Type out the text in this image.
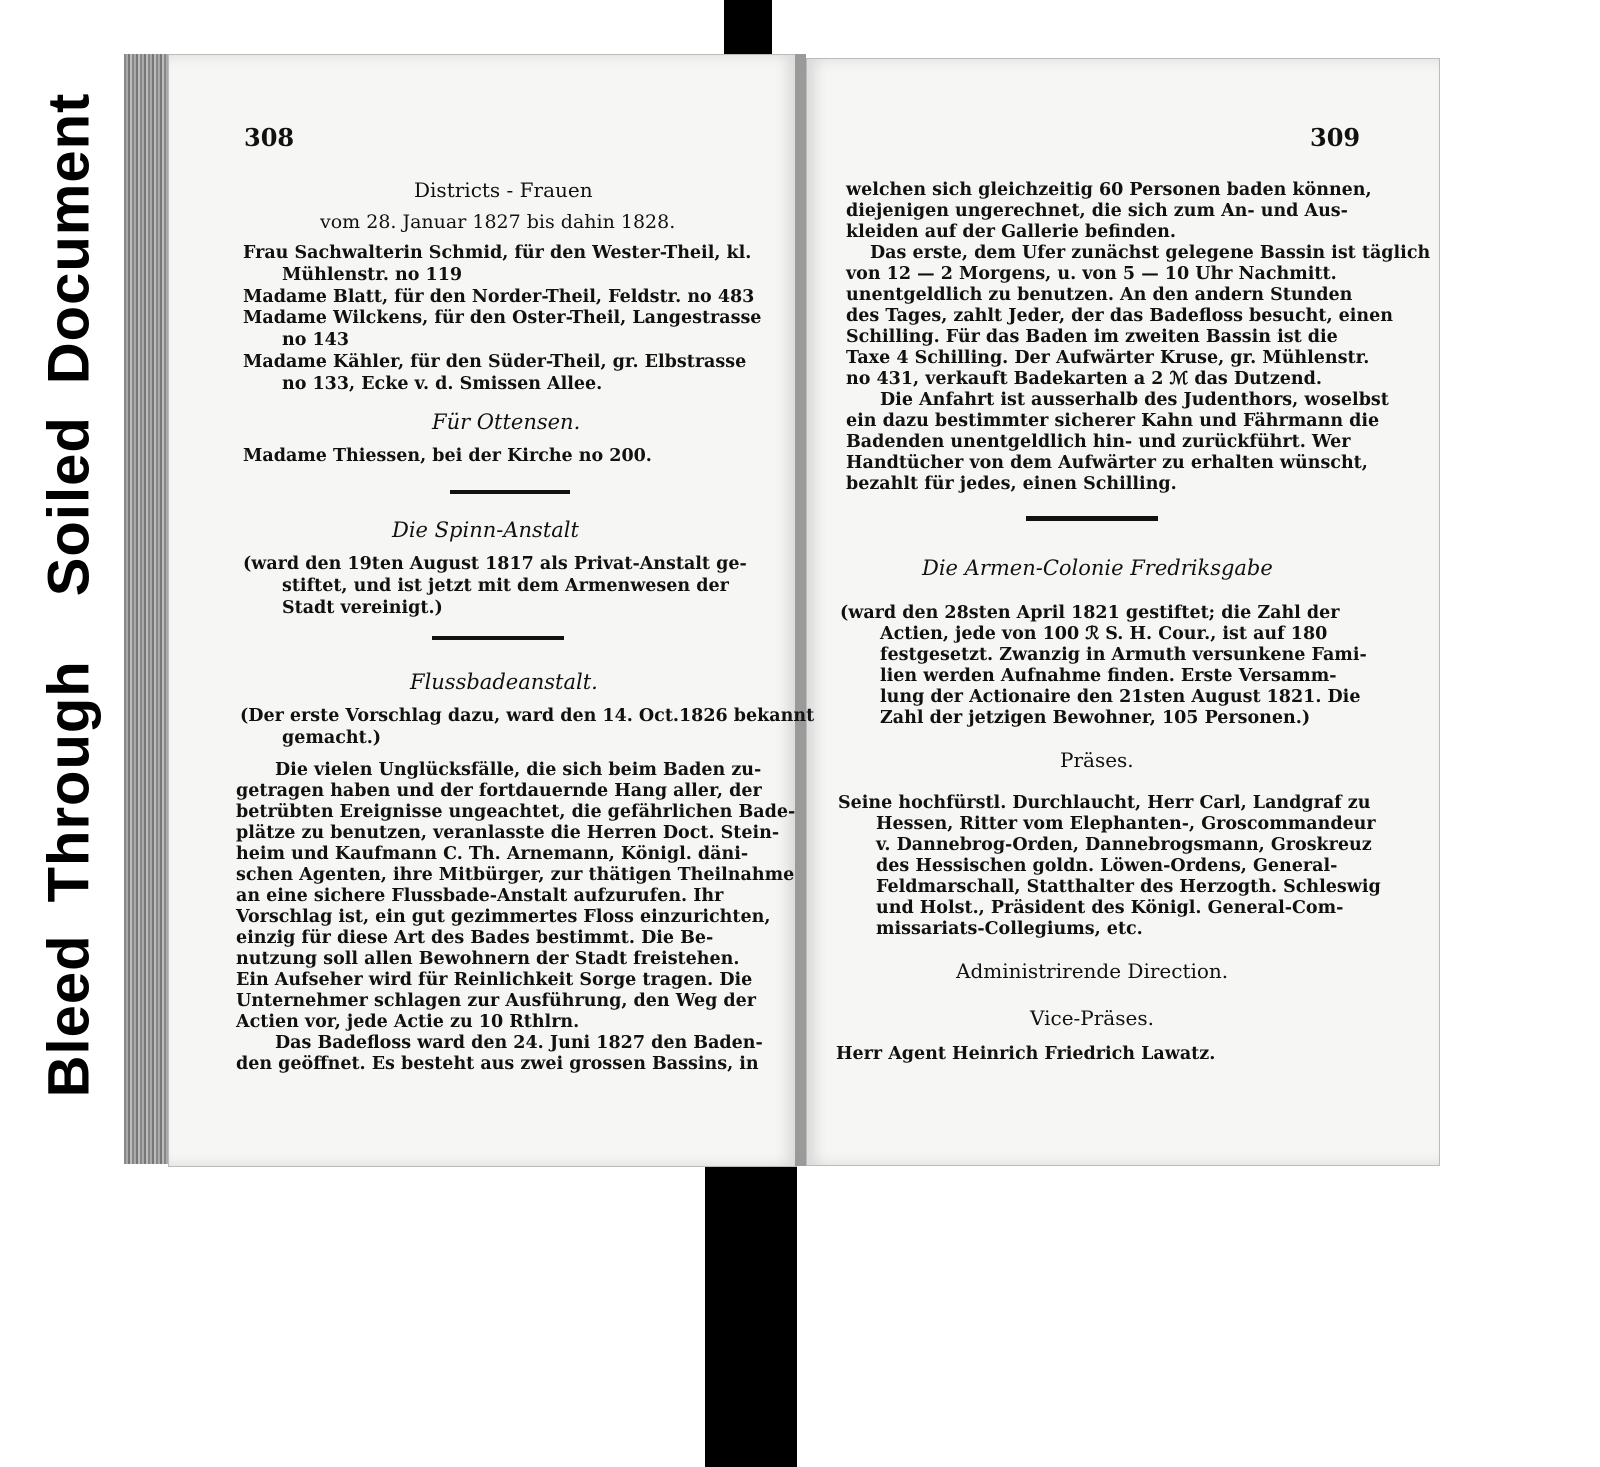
BleedThroughSoiledDocument	308
Districts - Frauen
vom 28. Januar 1827 bis dahin 1828.
Frau Sachwalterin Schmid, für den Wester-Theil, kl.
Mühlenstr. no 119
Madame Blatt, für den Norder-Theil, Feldstr. no 483
Madame Wilckens, für den Oster-Theil, Langestrasse
no 143
Madame Kähler, für den Süder-Theil, gr. Elbstrasse
no 133, Ecke v. d. Smissen Allee.
Für Ottensen.
Madame Thiessen, bei der Kirche no 200.
Die Spinn-Anstalt
(ward den 19ten August 1817 als Privat-Anstalt ge-
stiftet, und ist jetzt mit dem Armenwesen der
Stadt vereinigt.)
Flussbadeanstalt.
(Der erste Vorschlag dazu, ward den 14. Oct.1826 bekannt
gemacht.)
Die vielen Unglücksfälle, die sich beim Baden zu-
getragen haben und der fortdauernde Hang aller, der
betrübten Ereignisse ungeachtet, die gefährlichen Bade-
plätze zu benutzen, veranlasste die Herren Doct. Stein-
heim und Kaufmann C. Th. Arnemann, Königl. däni-
schen Agenten, ihre Mitbürger, zur thätigen Theilnahme
an eine sichere Flussbade-Anstalt aufzurufen. Ihr
Vorschlag ist, ein gut gezimmertes Floss einzurichten,
einzig für diese Art des Bades bestimmt. Die Be-
nutzung soll allen Bewohnern der Stadt freistehen.
Ein Aufseher wird für Reinlichkeit Sorge tragen. Die
Unternehmer schlagen zur Ausführung, den Weg der
Actien vor, jede Actie zu 10 Rthlrn.
Das Badefloss ward den 24. Juni 1827 den Baden-
den geöffnet. Es besteht aus zwei grossen Bassins, in
309
welchen sich gleichzeitig 60 Personen baden können,
diejenigen ungerechnet, die sich zum An- und Aus-
kleiden auf der Gallerie befinden.
Das erste, dem Ufer zunächst gelegene Bassin ist täglich
von 12 — 2 Morgens, u. von 5 — 10 Uhr Nachmitt.
unentgeldlich zu benutzen. An den andern Stunden
des Tages, zahlt Jeder, der das Badefloss besucht, einen
Schilling. Für das Baden im zweiten Bassin ist die
Taxe 4 Schilling. Der Aufwärter Kruse, gr. Mühlenstr.
no 431, verkauft Badekarten a 2 ℳ das Dutzend.
Die Anfahrt ist ausserhalb des Judenthors, woselbst
ein dazu bestimmter sicherer Kahn und Fährmann die
Badenden unentgeldlich hin- und zurückführt. Wer
Handtücher von dem Aufwärter zu erhalten wünscht,
bezahlt für jedes, einen Schilling.
Die Armen-Colonie Fredriksgabe
(ward den 28sten April 1821 gestiftet; die Zahl der
Actien, jede von 100 ℛ S. H. Cour., ist auf 180
festgesetzt. Zwanzig in Armuth versunkene Fami-
lien werden Aufnahme finden. Erste Versamm-
lung der Actionaire den 21sten August 1821. Die
Zahl der jetzigen Bewohner, 105 Personen.)
Präses.
Seine hochfürstl. Durchlaucht, Herr Carl, Landgraf zu
Hessen, Ritter vom Elephanten-, Groscommandeur
v. Dannebrog-Orden, Dannebrogsmann, Groskreuz
des Hessischen goldn. Löwen-Ordens, General-
Feldmarschall, Statthalter des Herzogth. Schleswig
und Holst., Präsident des Königl. General-Com-
missariats-Collegiums, etc.
Administrirende Direction.
Vice-Präses.
Herr Agent Heinrich Friedrich Lawatz.
